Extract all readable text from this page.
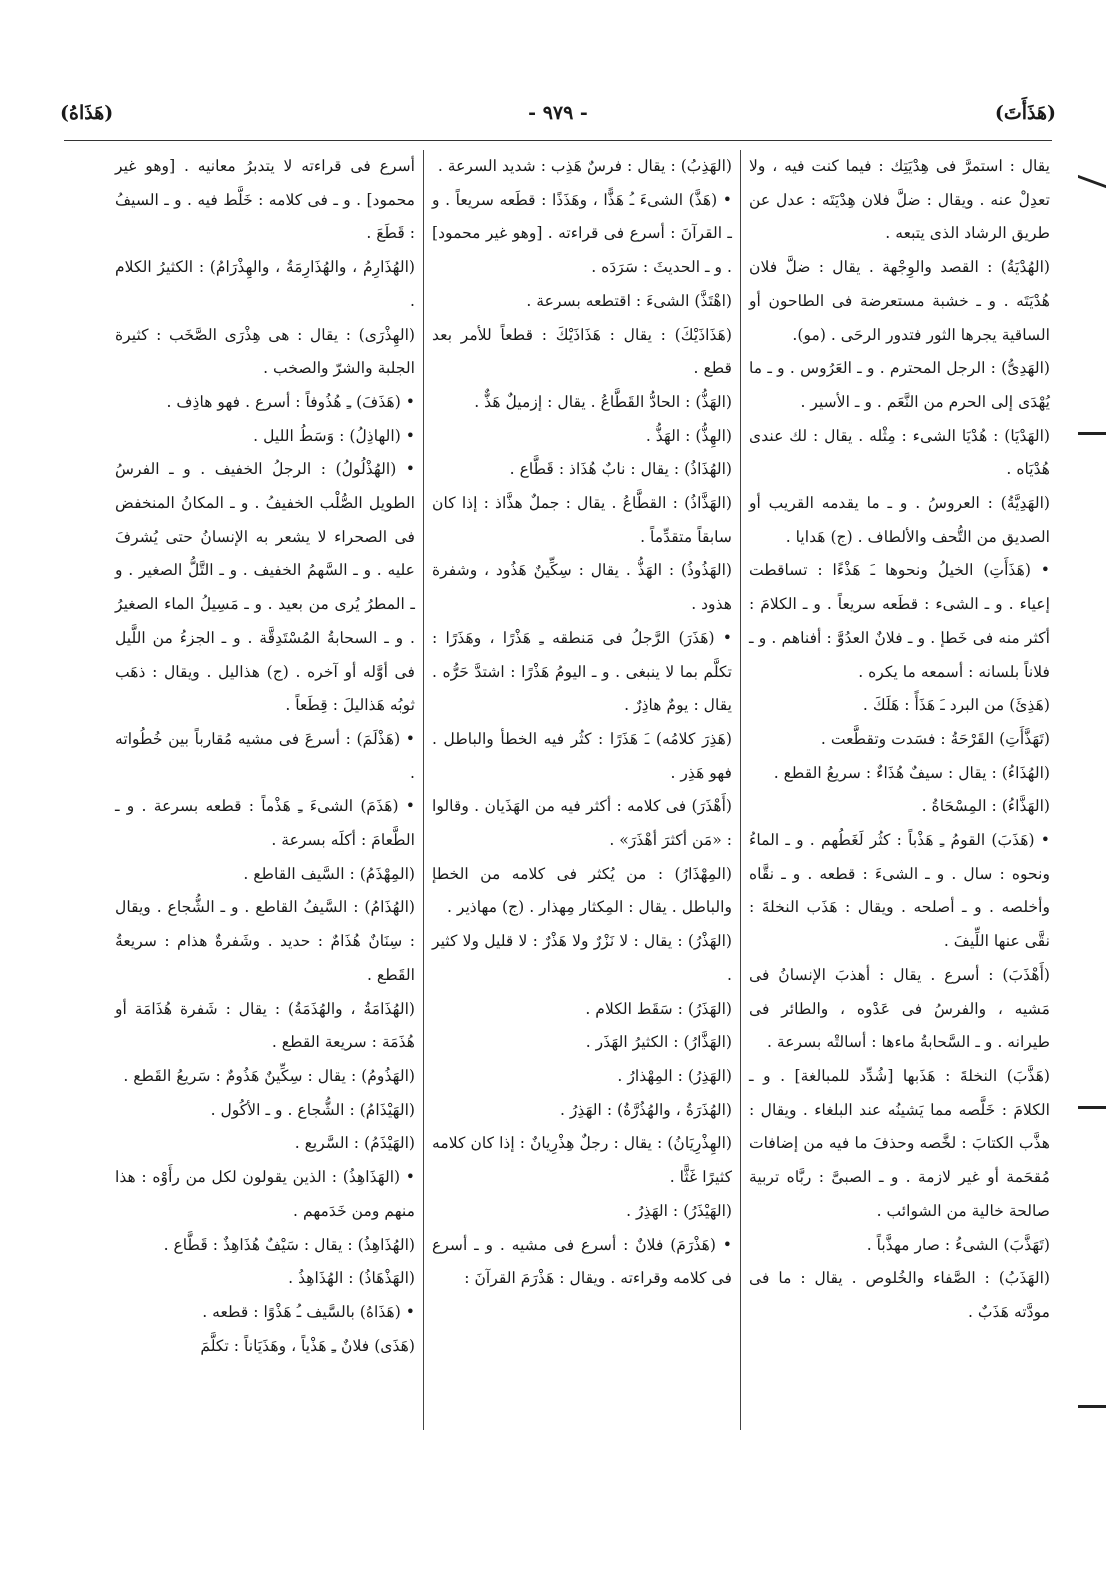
(هَذَأَتَ)
- ٩٧٩ -
(هَذَاهُ)

يقال : استمرَّ فى هِدْيَتِك : فيما كنت فيه ، ولا تعدِلْ عنه . ويقال : ضلَّ فلان هِدْيَتَه : عدل عن طريق الرشاد الذى يتبعه .

(الهُدْيَةُ) : القصد والوِجْهة . يقال : ضلَّ فلان هُدْيَتَه . و ـ خشبة مستعرضة فى الطاحون أو الساقية يجرها الثور فتدور الرحَى . (مو).

(الهَدِىُّ) : الرجل المحترم . و ـ العَرُوس . و ـ ما يُهْدَى إلى الحرم من النَّعَم . و ـ الأسير .

(الهَدْيَا) : هُدْيَا الشىء : مِثْله . يقال : لك عندى هُدْيَاه .

(الهَدِيَّةُ) : العروسُ . و ـ ما يقدمه القريب أو الصديق من التُّحف والألطاف . (ج) هَدايا .

• (هَذَأَتِ) الخيلُ ونحوها ـَ هَذْءًا : تساقطت إعياء . و ـ الشىء : قطَعه سريعاً . و ـ الكلامَ : أكثر منه فى خَطإ . و ـ فلانٌ العدُوَّ : أفناهم . و ـ فلاناً بلسانه : أسمعه ما يكره .

(هَذِئَ) من البرد ـَ هَذَأً : هَلَكَ .

(تَهَذَّأَتِ) القَرْحَةُ : فسَدت وتقطَّعت .

(الهُذَاءُ) : يقال : سيفٌ هُذَاءٌ : سريعُ القطع .

(الهَذَّاءُ) : المِسْحَاةُ .

• (هَذَبَ) القومُ ـِ هَذْباً : كثُر لَغَطُهم . و ـ الماءُ ونحوه : سال . و ـ الشىءَ : قطعه . و ـ نقَّاه وأخلصه . و ـ أصلحه . ويقال : هَذَب النخلةَ : نقَّى عنها اللِّيفَ .

(أَهْذَبَ) : أسرع . يقال : أهذبَ الإنسانُ فى مَشيه ، والفرسُ فى عَدْوه ، والطائر فى طيرانه . و ـ السَّحابةُ ماءها : أسالتْه بسرعة .

(هَذَّبَ) النخلةَ : هَذَبها [شُدِّد للمبالغة] . و ـ الكلامَ : خَلَّصه مما يَشينُه عند البلغاء . ويقال : هذَّب الكتابَ : لخَّصه وحذفَ ما فيه من إضافات مُقحَمة أو غير لازمة . و ـ الصبىَّ : ربَّاه تربية صالحة خالية من الشوائب .

(تَهَذَّبَ) الشىءُ : صار مهذَّباً .

(الهَذَبُ) : الصَّفاء والخُلوص . يقال : ما فى مودَّته هَذَبٌ .

(الهَذِبُ) : يقال : فرسٌ هَذِب : شديد السرعة .

• (هَذَّ) الشىءَ ـُ هَذًّا ، وهَذَذًا : قطَعه سريعاً . و ـ القرآنَ : أسرع فى قراءته . [وهو غير محمود] . و ـ الحديثَ : سَرَدَه .

(اهْتَذَّ) الشىءَ : اقتطعه بسرعة .

(هَذَاذَيْكَ) : يقال : هَذَاذَيْكَ : قطعاً للأمر بعد قطع .

(الهَذُّ) : الحادُّ القَطَّاعُ . يقال : إزميلٌ هَذٌّ .

(الهِذُّ) : الهَذُّ .

(الهُذَاذُ) : يقال : نابٌ هُذَاذ : قَطَّاع .

(الهَذَّاذُ) : القطَّاعُ . يقال : جملٌ هذَّاذ : إذا كان سابقاً متقدِّماً .

(الهَذُوذُ) : الهَذُّ . يقال : سِكِّينٌ هَذُود ، وشفرة هذود .

• (هَذَرَ) الرَّجلُ فى مَنطقه ـِ هَذْرًا ، وهَذَرًا : تكلَّم بما لا ينبغى . و ـ اليومُ هَذْرًا : اشتدَّ حَرُّه . يقال : يومٌ هاذِرٌ .

(هَذِرَ كلامُه) ـَ هَذَرًا : كثُر فيه الخطأ والباطل . فهو هَذِر .

(أَهْذَرَ) فى كلامه : أكثر فيه من الهَذَيان . وقالوا : «مَن أكثرَ أهْذَرَ» .

(المِهْذَارُ) : من يُكثر فى كلامه من الخطإ والباطل . يقال : المِكثار مِهذار . (ج) مهاذير .

(الهَذْرُ) : يقال : لا نَزْرٌ ولا هَذْرٌ : لا قليل ولا كثير .

(الهَذَرُ) : سَقَط الكلام .

(الهَذَّارُ) : الكثيرُ الهَذَر .

(الهَذِرُ) : المِهْذارُ .

(الهُذَرَةُ ، والهُذُرَّةُ) : الهَذِرُ .

(الهِذْرِيَانُ) : يقال : رجلٌ هِذْرِيانٌ : إذا كان كلامه كثيرًا غَثًّا .

(الهَيْذَرُ) : الهَذِرُ .

• (هَذْرَمَ) فلانٌ : أسرع فى مشيه . و ـ أسرع فى كلامه وقراءته . ويقال : هَذْرَمَ القرآنَ :

أسرع فى قراءته لا يتدبرُ معانيه . [وهو غير محمود] . و ـ فى كلامه : خَلَّط فيه . و ـ السيفُ : قَطَعَ .

(الهُذَارِمُ ، والهُذَارِمَةُ ، والهِذْرَامُ) : الكثيرُ الكلام .

(الهِذْرَى) : يقال : هى هِذْرَى الصَّخَب : كثيرة الجلبة والشرّ والصخب .

• (هَذَفَ) ـِ هُذُوفاً : أسرع . فهو هاذِف .

• (الهاذِلُ) : وَسَطُ الليل .

• (الهُذْلُولُ) : الرجلُ الخفيف . و ـ الفرسُ الطويل الصُّلْب الخفيفُ . و ـ المكانُ المنخفض فى الصحراء لا يشعر به الإنسانُ حتى يُشرفَ عليه . و ـ السَّهمُ الخفيف . و ـ التَّلُّ الصغير . و ـ المطرُ يُرى من بعيد . و ـ مَسِيلُ الماء الصغيرُ . و ـ السحابةُ المُسْتَدِقَّة . و ـ الجزءُ من اللَّيل فى أوَّله أو آخره . (ج) هذاليل . ويقال : ذهَب ثوبُه هَذاليلَ : قِطَعاً .

• (هَذْلَمَ) : أسرعَ فى مشيه مُقارباً بين خُطُواته .

• (هَذَمَ) الشىءَ ـِ هَذْماً : قطعه بسرعة . و ـ الطَّعامَ : أكلَه بسرعة .

(المِهْذَمُ) : السَّيف القاطع .

(الهُذَامُ) : السَّيفُ القاطع . و ـ الشُّجاع . ويقال : سِنَانٌ هُذَامٌ : حديد . وشَفرةٌ هذام : سريعةُ القَطع .

(الهُذَامَةُ ، والهُذَمَةُ) : يقال : شَفرة هُذَامَة أو هُذَمَة : سريعة القطع .

(الهَذُومُ) : يقال : سِكِّينٌ هَذُومٌ : سَريعُ القَطع .

(الهَيْذَامُ) : الشُّجاع . و ـ الأكُول .

(الهَيْذَمُ) : السَّريع .

• (الهَذَاهِذُ) : الذين يقولون لكل من رأَوْه : هذا منهم ومن خَدَمهم .

(الهُذَاهِذُ) : يقال : سَيْفٌ هُذَاهِذٌ : قَطَّاع .

(الهَذْهَاذُ) : الهُذَاهِذُ .

• (هَذَاهُ) بالسَّيف ـُ هَذْوًا : قطعه .

(هَذَى) فلانٌ ـِ هَذْياً ، وهَذَيَاناً : تكلَّمَ
